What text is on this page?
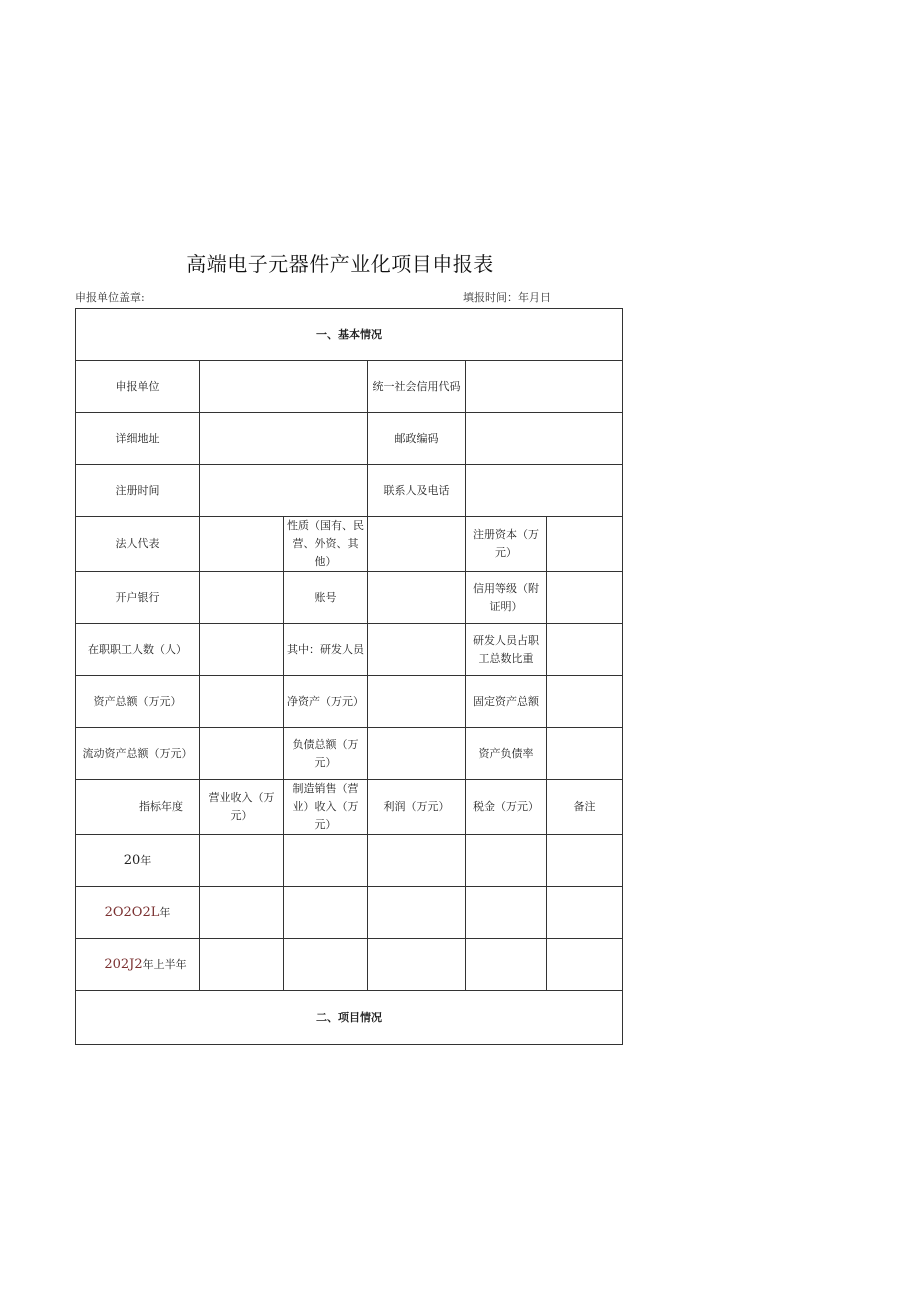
高端电子元器件产业化项目申报表
申报单位盖章:	填报时间：年月日
一、基本情况					
申报单位			统一社会信用代码		
详细地址			邮政编码		
注册时间			联系人及电话		
法人代表		性质（国有、民营、外资、其他）		注册资本（万元）	
开户银行		账号		信用等级（附证明）	
在职职工人数（人）		其中：研发人员		研发人员占职工总数比重	
资产总额（万元）		净资产（万元）		固定资产总额	
流动资产总额（万元）		负债总额（万元）		资产负债率	
指标年度	营业收入（万元）	制造销售（营业）收入（万元）	利润（万元）	税金（万元）	备注
20年					
2O2O2L年					
202J2年上半年					
二、项目情况					
